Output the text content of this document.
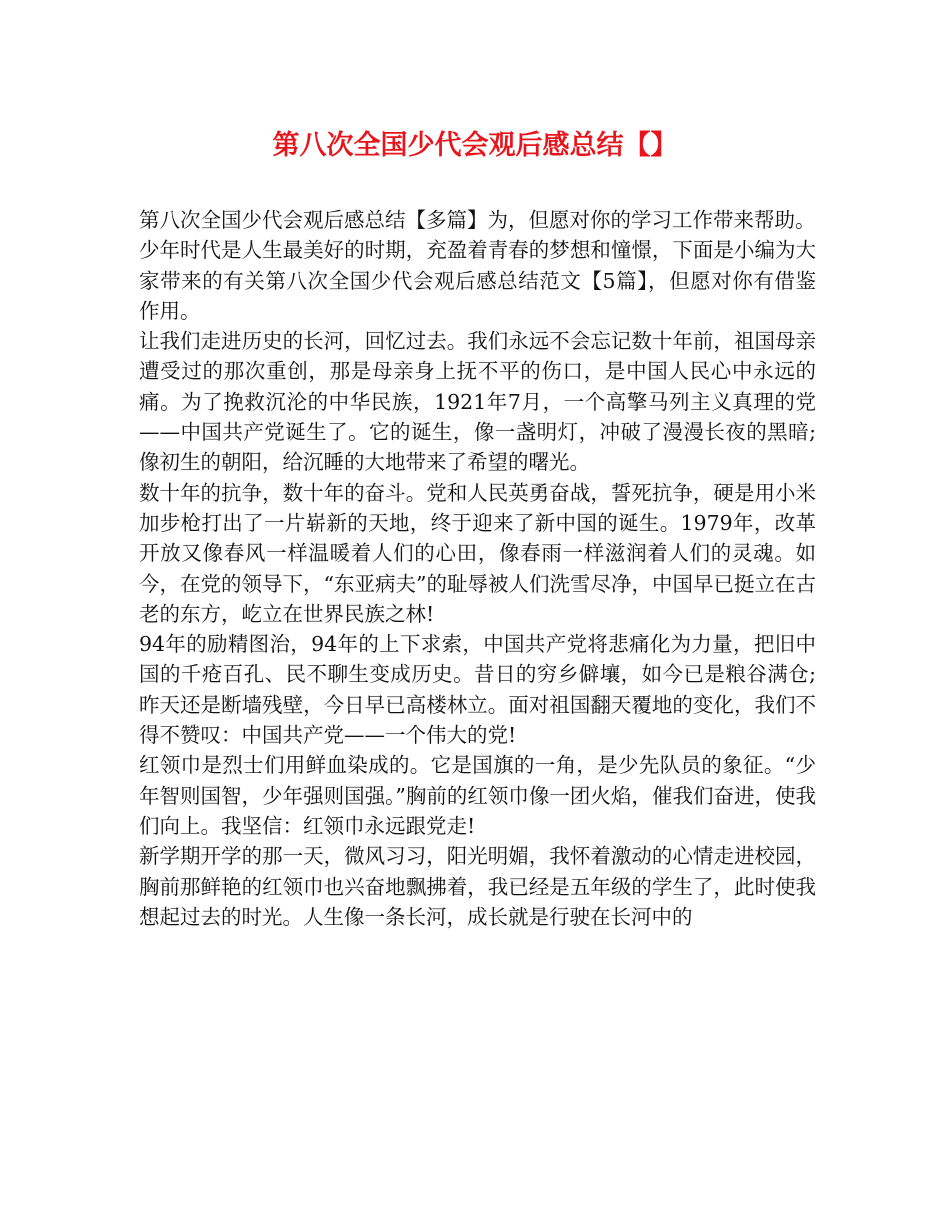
第八次全国少代会观后感总结【】

第八次全国少代会观后感总结【多篇】为，但愿对你的学习工作带来帮助。

少年时代是人生最美好的时期，充盈着青春的梦想和憧憬，下面是小编为大家带来的有关第八次全国少代会观后感总结范文【5篇】，但愿对你有借鉴作用。

让我们走进历史的长河，回忆过去。我们永远不会忘记数十年前，祖国母亲遭受过的那次重创，那是母亲身上抚不平的伤口，是中国人民心中永远的痛。为了挽救沉沦的中华民族，1921年7月，一个高擎马列主义真理的党——中国共产党诞生了。它的诞生，像一盏明灯，冲破了漫漫长夜的黑暗;像初生的朝阳，给沉睡的大地带来了希望的曙光。

数十年的抗争，数十年的奋斗。党和人民英勇奋战，誓死抗争，硬是用小米加步枪打出了一片崭新的天地，终于迎来了新中国的诞生。1979年，改革开放又像春风一样温暖着人们的心田，像春雨一样滋润着人们的灵魂。如今，在党的领导下，“东亚病夫”的耻辱被人们洗雪尽净，中国早已挺立在古老的东方，屹立在世界民族之林!

94年的励精图治，94年的上下求索，中国共产党将悲痛化为力量，把旧中国的千疮百孔、民不聊生变成历史。昔日的穷乡僻壤，如今已是粮谷满仓;昨天还是断墙残壁，今日早已高楼林立。面对祖国翻天覆地的变化，我们不得不赞叹：中国共产党——一个伟大的党!

红领巾是烈士们用鲜血染成的。它是国旗的一角，是少先队员的象征。“少年智则国智，少年强则国强。”胸前的红领巾像一团火焰，催我们奋进，使我们向上。我坚信：红领巾永远跟党走!

新学期开学的那一天，微风习习，阳光明媚，我怀着激动的心情走进校园，胸前那鲜艳的红领巾也兴奋地飘拂着，我已经是五年级的学生了，此时使我想起过去的时光。人生像一条长河，成长就是行驶在长河中的
